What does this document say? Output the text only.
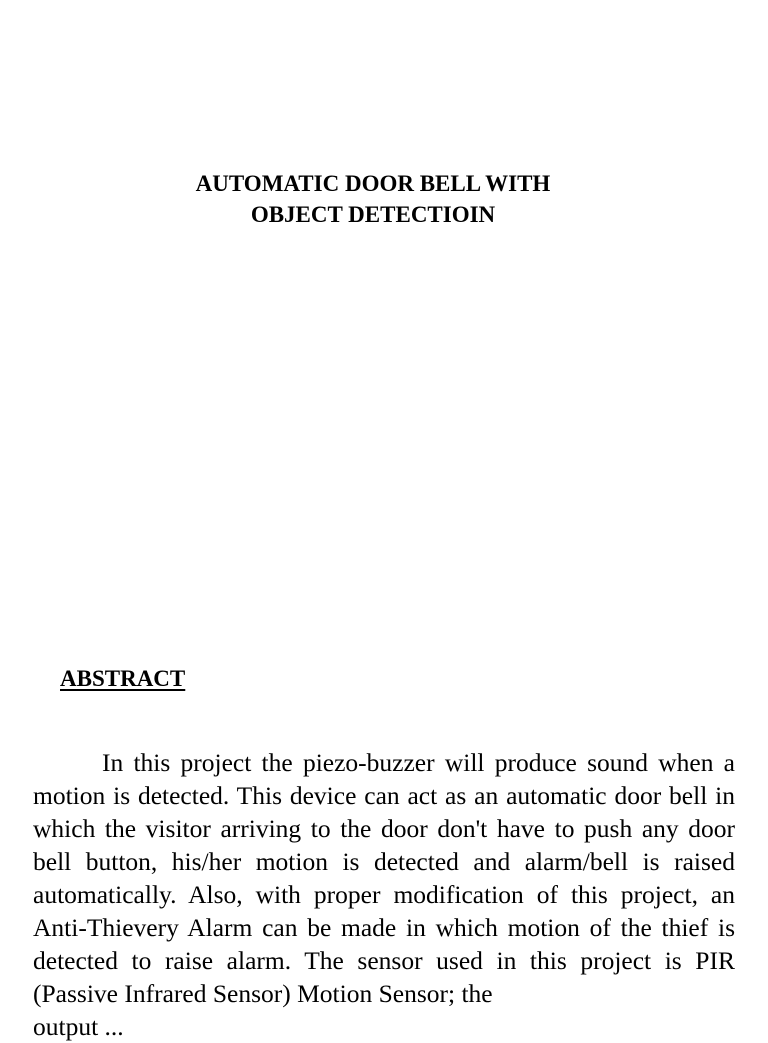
AUTOMATIC DOOR BELL WITH
OBJECT DETECTIOIN
ABSTRACT

In this project the piezo-buzzer will produce sound when a motion is detected. This device can act as an automatic door bell in which the visitor arriving to the door don't have to push any door bell button, his/her motion is detected and alarm/bell is raised automatically. Also, with proper modification of this project, an Anti-Thievery Alarm can be made in which motion of the thief is detected to raise alarm. The sensor used in this project is PIR (Passive Infrared Sensor) Motion Sensor; the

output ...
